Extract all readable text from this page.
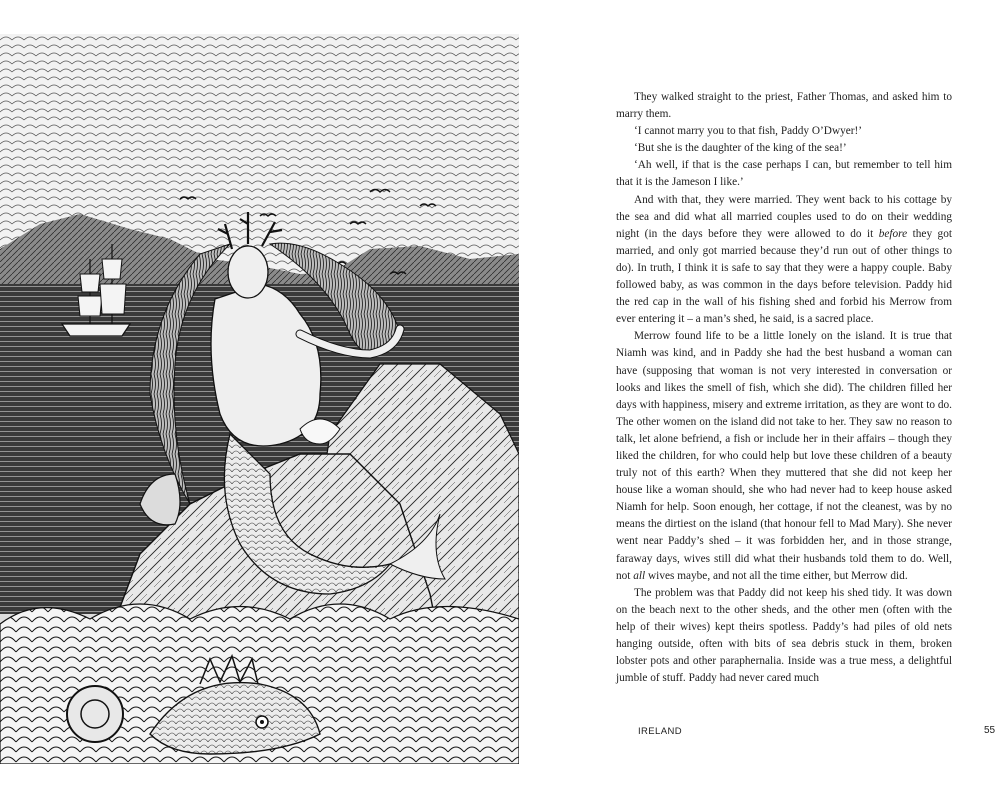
They walked straight to the priest, Father Thomas, and asked him to marry them.

‘I cannot marry you to that fish, Paddy O’Dwyer!’

‘But she is the daughter of the king of the sea!’

‘Ah well, if that is the case perhaps I can, but remember to tell him that it is the Jameson I like.’

And with that, they were married. They went back to his cottage by the sea and did what all married couples used to do on their wedding night (in the days before they were allowed to do it before they got married, and only got married because they’d run out of other things to do). In truth, I think it is safe to say that they were a happy couple. Baby followed baby, as was common in the days before television. Paddy hid the red cap in the wall of his fishing shed and forbid his Merrow from ever entering it – a man’s shed, he said, is a sacred place.

Merrow found life to be a little lonely on the island. It is true that Niamh was kind, and in Paddy she had the best husband a woman can have (supposing that woman is not very interested in conversation or looks and likes the smell of fish, which she did). The children filled her days with happiness, misery and extreme irritation, as they are wont to do. The other women on the island did not take to her. They saw no reason to talk, let alone befriend, a fish or include her in their affairs – though they liked the children, for who could help but love these children of a beauty truly not of this earth? When they muttered that she did not keep her house like a woman should, she who had never had to keep house asked Niamh for help. Soon enough, her cottage, if not the cleanest, was by no means the dirtiest on the island (that honour fell to Mad Mary). She never went near Paddy’s shed – it was forbidden her, and in those strange, faraway days, wives still did what their husbands told them to do. Well, not all wives maybe, and not all the time either, but Merrow did.

The problem was that Paddy did not keep his shed tidy. It was down on the beach next to the other sheds, and the other men (often with the help of their wives) kept theirs spotless. Paddy’s had piles of old nets hanging outside, often with bits of sea debris stuck in them, broken lobster pots and other paraphernalia. Inside was a true mess, a delightful jumble of stuff. Paddy had never cared much

IRELAND	55
